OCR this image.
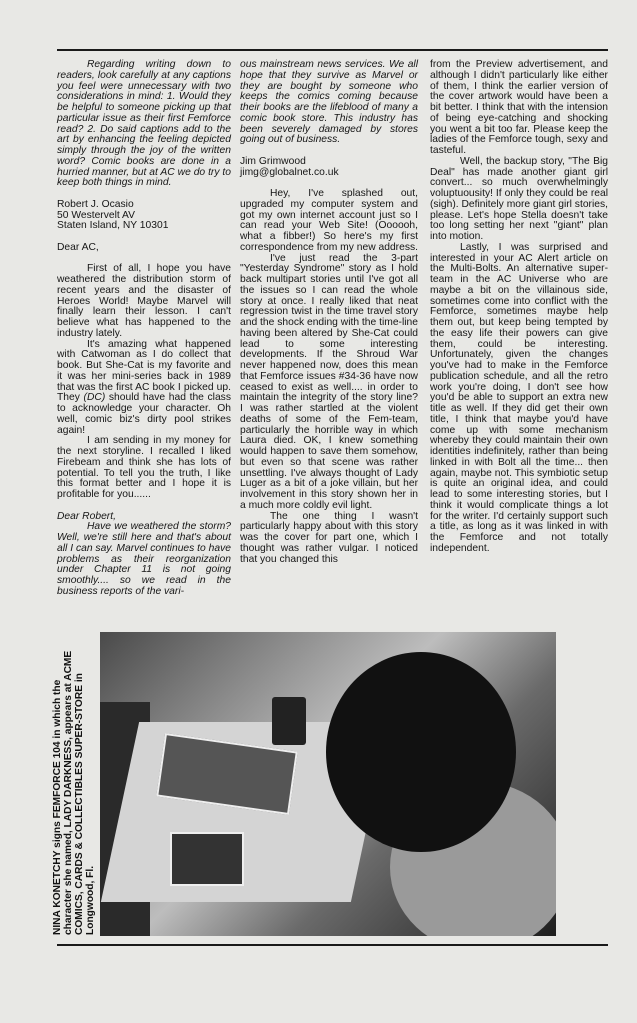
Regarding writing down to readers, look carefully at any captions you feel were unnecessary with two considerations in mind: 1. Would they be helpful to someone picking up that particular issue as their first Femforce read? 2. Do said captions add to the art by enhancing the feeling depicted simply through the joy of the written word? Comic books are done in a hurried manner, but at AC we do try to keep both things in mind.

Robert J. Ocasio

50 Westervelt AV

Staten Island, NY 10301

Dear AC,

First of all, I hope you have weathered the distribution storm of recent years and the disaster of Heroes World! Maybe Marvel will finally learn their lesson. I can't believe what has happened to the industry lately.

It's amazing what happened with Catwoman as I do collect that book. But She-Cat is my favorite and it was her mini-series back in 1989 that was the first AC book I picked up. They (DC) should have had the class to acknowledge your character. Oh well, comic biz's dirty pool strikes again!

I am sending in my money for the next storyline. I recalled I liked Firebeam and think she has lots of potential. To tell you the truth, I like this format better and I hope it is profitable for you......

Dear Robert,

Have we weathered the storm? Well, we're still here and that's about all I can say. Marvel continues to have problems as their reorganization under Chapter 11 is not going smoothly.... so we read in the business reports of the vari-

ous mainstream news services. We all hope that they survive as Marvel or they are bought by someone who keeps the comics coming because their books are the lifeblood of many a comic book store. This industry has been severely damaged by stores going out of business.

Jim Grimwood

jimg@globalnet.co.uk

Hey, I've splashed out, upgraded my computer system and got my own internet account just so I can read your Web Site! (Oooooh, what a fibber!) So here's my first correspondence from my new address.

I've just read the 3-part "Yesterday Syndrome" story as I hold back multipart stories until I've got all the issues so I can read the whole story at once. I really liked that neat regression twist in the time travel story and the shock ending with the time-line having been altered by She-Cat could lead to some interesting developments. If the Shroud War never happened now, does this mean that Femforce issues #34-36 have now ceased to exist as well.... in order to maintain the integrity of the story line? I was rather startled at the violent deaths of some of the Fem-team, particularly the horrible way in which Laura died. OK, I knew something would happen to save them somehow, but even so that scene was rather unsettling. I've always thought of Lady Luger as a bit of a joke villain, but her involvement in this story shown her in a much more coldly evil light.

The one thing I wasn't particularly happy about with this story was the cover for part one, which I thought was rather vulgar. I noticed that you changed this

from the Preview advertisement, and although I didn't particularly like either of them, I think the earlier version of the cover artwork would have been a bit better. I think that with the intension of being eye-catching and shocking you went a bit too far. Please keep the ladies of the Femforce tough, sexy and tasteful.

Well, the backup story, "The Big Deal" has made another giant girl convert... so much overwhelmingly voluptuousity! If only they could be real (sigh). Definitely more giant girl stories, please. Let's hope Stella doesn't take too long setting her next "giant" plan into motion.

Lastly, I was surprised and interested in your AC Alert article on the Multi-Bolts. An alternative super-team in the AC Universe who are maybe a bit on the villainous side, sometimes come into conflict with the Femforce, sometimes maybe help them out, but keep being tempted by the easy life their powers can give them, could be interesting. Unfortunately, given the changes you've had to make in the Femforce publication schedule, and all the retro work you're doing, I don't see how you'd be able to support an extra new title as well. If they did get their own title, I think that maybe you'd have come up with some mechanism whereby they could maintain their own identities indefinitely, rather than being linked in with Bolt all the time... then again, maybe not. This symbiotic setup is quite an original idea, and could lead to some interesting stories, but I think it would complicate things a lot for the writer. I'd certainly support such a title, as long as it was linked in with the Femforce and not totally independent.

NINA KONETCHY signs FEMFORCE 104 in which the character she named, LADY DARKNESS, appears at ACME COMICS, CARDS & COLLECTIBLES SUPER-STORE in Longwood, Fl.
